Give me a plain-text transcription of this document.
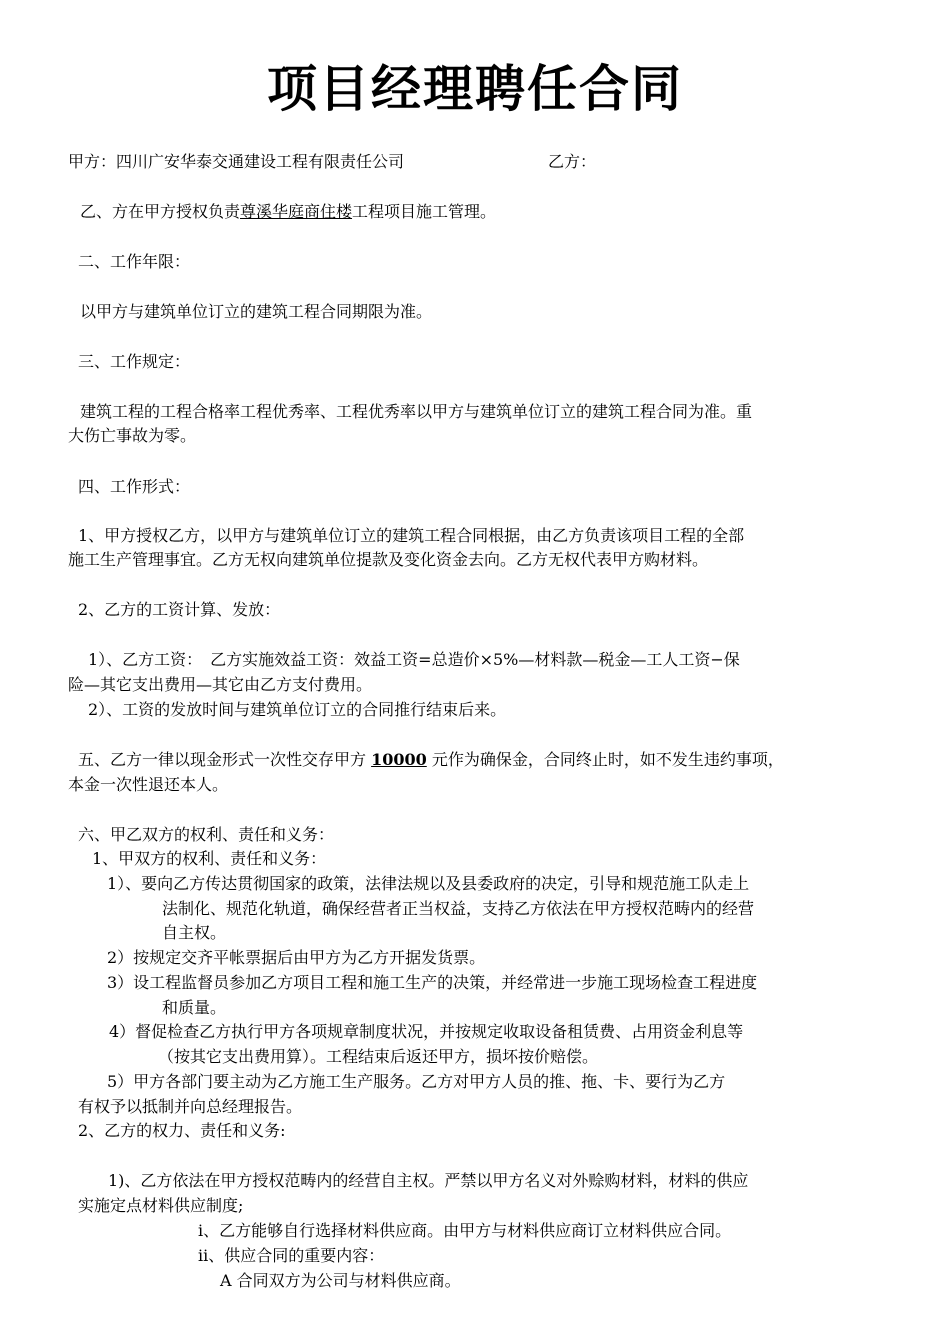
项目经理聘任合同
甲方：四川广安华泰交通建设工程有限责任公司	乙方：
乙、方在甲方授权负责尊溪华庭商住楼工程项目施工管理。
二、工作年限：
以甲方与建筑单位订立的建筑工程合同期限为准。
三、工作规定：
建筑工程的工程合格率工程优秀率、工程优秀率以甲方与建筑单位订立的建筑工程合同为准。重
大伤亡事故为零。
四、工作形式：
1、甲方授权乙方，以甲方与建筑单位订立的建筑工程合同根据，由乙方负责该项目工程的全部
施工生产管理事宜。乙方无权向建筑单位提款及变化资金去向。乙方无权代表甲方购材料。
2、乙方的工资计算、发放：
1）、乙方工资：　乙方实施效益工资：效益工资=总造价×5%—材料款—税金—工人工资−保
险—其它支出费用—其它由乙方支付费用。
2）、工资的发放时间与建筑单位订立的合同推行结束后来。
五、乙方一律以现金形式一次性交存甲方 10000 元作为确保金，合同终止时，如不发生违约事项，
本金一次性退还本人。
六、甲乙双方的权利、责任和义务：
1、甲双方的权利、责任和义务：
1）、要向乙方传达贯彻国家的政策，法律法规以及县委政府的决定，引导和规范施工队走上
法制化、规范化轨道，确保经营者正当权益，支持乙方依法在甲方授权范畴内的经营
自主权。
2）按规定交齐平帐票据后由甲方为乙方开据发货票。
3）设工程监督员参加乙方项目工程和施工生产的决策，并经常进一步施工现场检查工程进度
和质量。
4）督促检查乙方执行甲方各项规章制度状况，并按规定收取设备租赁费、占用资金利息等
（按其它支出费用算）。工程结束后返还甲方，损坏按价赔偿。
5）甲方各部门要主动为乙方施工生产服务。乙方对甲方人员的推、拖、卡、要行为乙方
有权予以抵制并向总经理报告。
2、乙方的权力、责任和义务:
1)、乙方依法在甲方授权范畴内的经营自主权。严禁以甲方名义对外赊购材料，材料的供应
实施定点材料供应制度;
ⅰ、乙方能够自行选择材料供应商。由甲方与材料供应商订立材料供应合同。
ⅱ、供应合同的重要内容：
A 合同双方为公司与材料供应商。
